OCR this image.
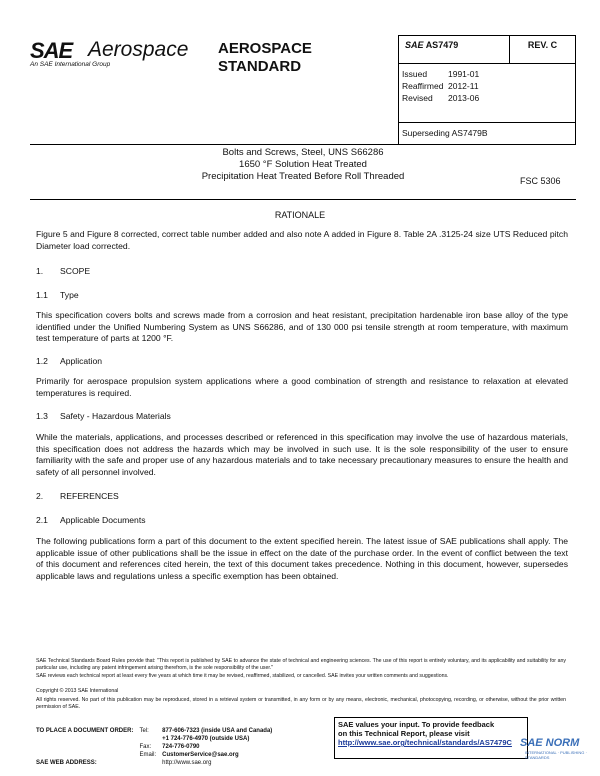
SAE Aerospace
An SAE International Group
AEROSPACE
STANDARD
SAE AS7479	REV. C

Issued 1991-01
Reaffirmed 2012-11
Revised 2013-06

Superseding AS7479B
Bolts and Screws, Steel, UNS S66286
1650 °F Solution Heat Treated
Precipitation Heat Treated Before Roll Threaded	FSC 5306
RATIONALE
Figure 5 and Figure 8 corrected, correct table number added and also note A added in Figure 8. Table 2A .3125-24 size UTS Reduced pitch Diameter load corrected.
1. SCOPE
1.1 Type
This specification covers bolts and screws made from a corrosion and heat resistant, precipitation hardenable iron base alloy of the type identified under the Unified Numbering System as UNS S66286, and of 130 000 psi tensile strength at room temperature, with maximum test temperature of parts at 1200 °F.
1.2 Application
Primarily for aerospace propulsion system applications where a good combination of strength and resistance to relaxation at elevated temperatures is required.
1.3 Safety - Hazardous Materials
While the materials, applications, and processes described or referenced in this specification may involve the use of hazardous materials, this specification does not address the hazards which may be involved in such use. It is the sole responsibility of the user to ensure familiarity with the safe and proper use of any hazardous materials and to take necessary precautionary measures to ensure the health and safety of all personnel involved.
2. REFERENCES
2.1 Applicable Documents
The following publications form a part of this document to the extent specified herein. The latest issue of SAE publications shall apply. The applicable issue of other publications shall be the issue in effect on the date of the purchase order. In the event of conflict between the text of this document and references cited herein, the text of this document takes precedence. Nothing in this document, however, supersedes applicable laws and regulations unless a specific exemption has been obtained.
SAE Technical Standards Board Rules provide that: "This report is published by SAE to advance the state of technical and engineering sciences. The use of this report is entirely voluntary, and its applicability and suitability for any particular use, including any patent infringement arising therefrom, is the sole responsibility of the user."
SAE reviews each technical report at least every five years at which time it may be revised, reaffirmed, stabilized, or cancelled. SAE invites your written comments and suggestions.
Copyright © 2013 SAE International
All rights reserved. No part of this publication may be reproduced, stored in a retrieval system or transmitted, in any form or by any means, electronic, mechanical, photocopying, recording, or otherwise, without the prior written permission of SAE.
TO PLACE A DOCUMENT ORDER:	Tel:	877-606-7323 (inside USA and Canada)
		+1 724-776-4970 (outside USA)
	Fax:	724-776-0790
	Email:	CustomerService@sae.org
SAE WEB ADDRESS:		http://www.sae.org
SAE values your input. To provide feedback
on this Technical Report, please visit
http://www.sae.org/technical/standards/AS7479C SAE NORM
INTERNATIONAL · PUBLISHING · STANDARDS
